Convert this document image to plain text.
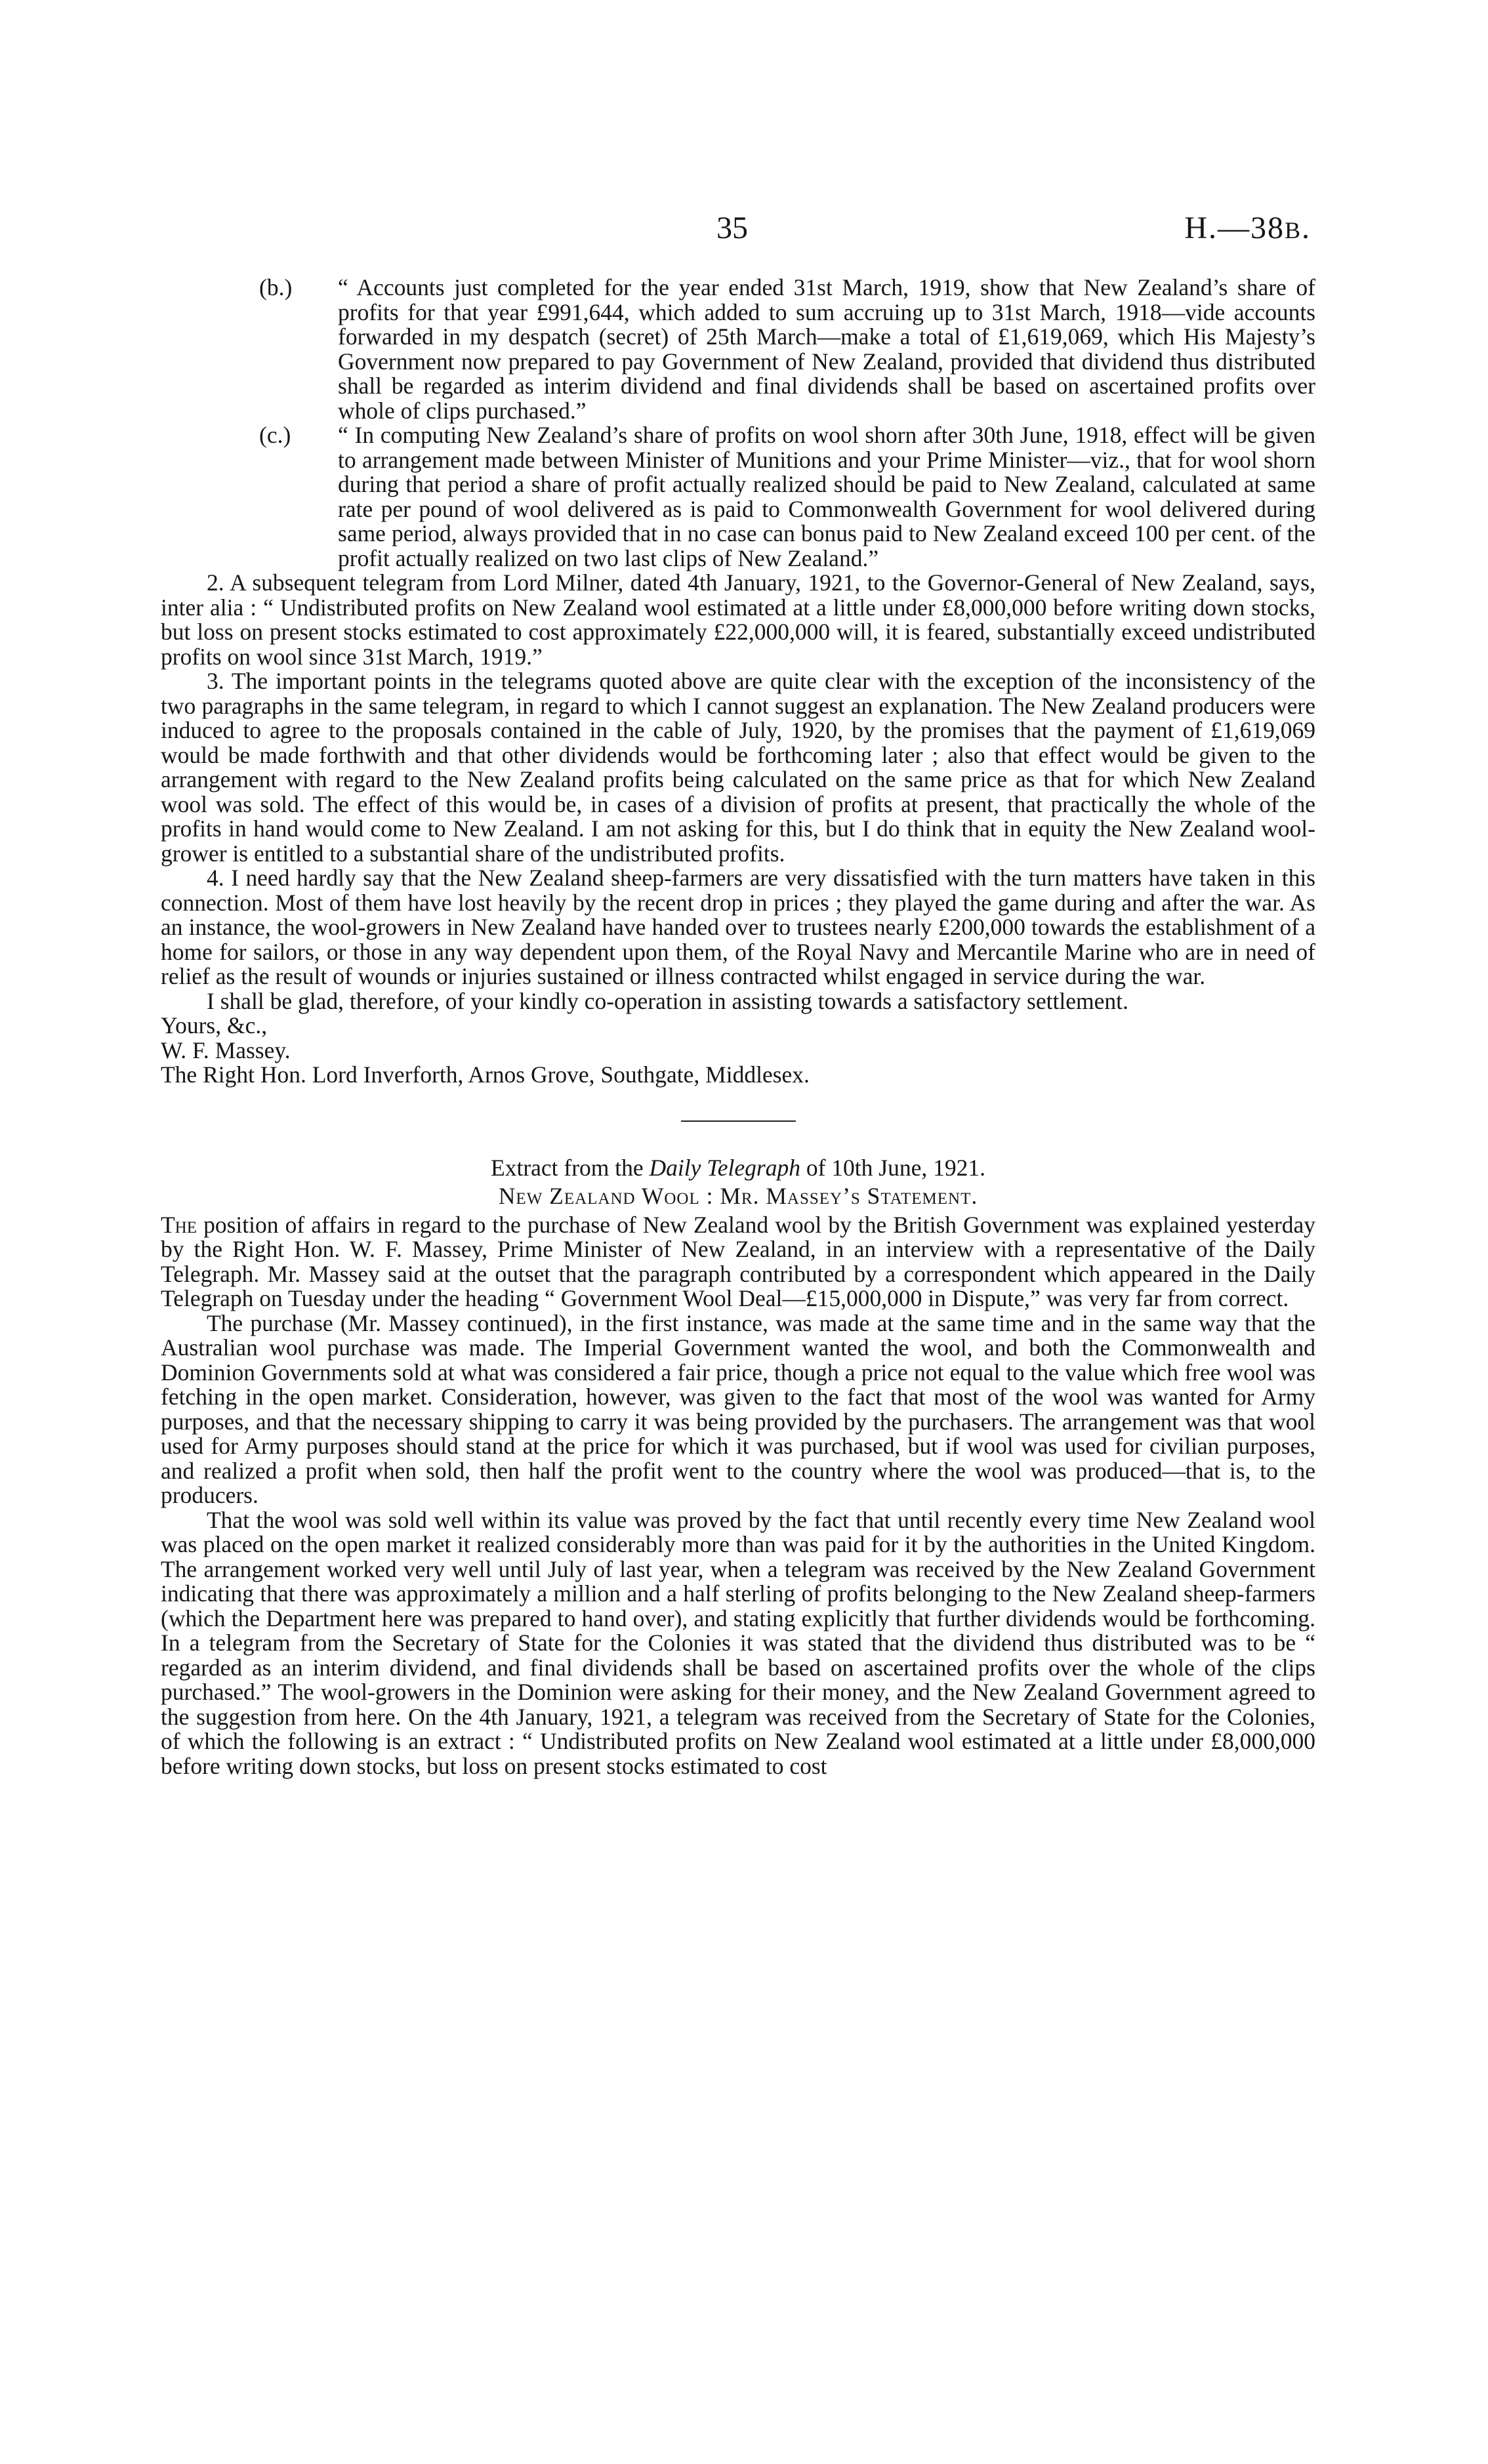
35	H.—38B.

(b.) “ Accounts just completed for the year ended 31st March, 1919, show that New Zealand’s share of profits for that year £991,644, which added to sum accruing up to 31st March, 1918—vide accounts forwarded in my despatch (secret) of 25th March—make a total of £1,619,069, which His Majesty’s Government now prepared to pay Government of New Zealand, provided that dividend thus distributed shall be regarded as interim dividend and final dividends shall be based on ascertained profits over whole of clips purchased.”

(c.) “ In computing New Zealand’s share of profits on wool shorn after 30th June, 1918, effect will be given to arrangement made between Minister of Munitions and your Prime Minister—viz., that for wool shorn during that period a share of profit actually realized should be paid to New Zealand, calculated at same rate per pound of wool delivered as is paid to Commonwealth Government for wool delivered during same period, always provided that in no case can bonus paid to New Zealand exceed 100 per cent. of the profit actually realized on two last clips of New Zealand.”

2. A subsequent telegram from Lord Milner, dated 4th January, 1921, to the Governor-General of New Zealand, says, inter alia : “ Undistributed profits on New Zealand wool estimated at a little under £8,000,000 before writing down stocks, but loss on present stocks estimated to cost approximately £22,000,000 will, it is feared, substantially exceed undistributed profits on wool since 31st March, 1919.”

3. The important points in the telegrams quoted above are quite clear with the exception of the inconsistency of the two paragraphs in the same telegram, in regard to which I cannot suggest an explanation. The New Zealand producers were induced to agree to the proposals contained in the cable of July, 1920, by the promises that the payment of £1,619,069 would be made forthwith and that other dividends would be forthcoming later ; also that effect would be given to the arrangement with regard to the New Zealand profits being calculated on the same price as that for which New Zealand wool was sold. The effect of this would be, in cases of a division of profits at present, that practically the whole of the profits in hand would come to New Zealand. I am not asking for this, but I do think that in equity the New Zealand wool-grower is entitled to a substantial share of the undistributed profits.

4. I need hardly say that the New Zealand sheep-farmers are very dissatisfied with the turn matters have taken in this connection. Most of them have lost heavily by the recent drop in prices ; they played the game during and after the war. As an instance, the wool-growers in New Zealand have handed over to trustees nearly £200,000 towards the establishment of a home for sailors, or those in any way dependent upon them, of the Royal Navy and Mercantile Marine who are in need of relief as the result of wounds or injuries sustained or illness contracted whilst engaged in service during the war.

I shall be glad, therefore, of your kindly co-operation in assisting towards a satisfactory settlement.

Yours, &c.,

W. F. Massey.

The Right Hon. Lord Inverforth, Arnos Grove, Southgate, Middlesex.

Extract from the Daily Telegraph of 10th June, 1921.

New Zealand Wool : Mr. Massey’s Statement.

The position of affairs in regard to the purchase of New Zealand wool by the British Government was explained yesterday by the Right Hon. W. F. Massey, Prime Minister of New Zealand, in an interview with a representative of the Daily Telegraph. Mr. Massey said at the outset that the paragraph contributed by a correspondent which appeared in the Daily Telegraph on Tuesday under the heading “ Government Wool Deal—£15,000,000 in Dispute,” was very far from correct.

The purchase (Mr. Massey continued), in the first instance, was made at the same time and in the same way that the Australian wool purchase was made. The Imperial Government wanted the wool, and both the Commonwealth and Dominion Governments sold at what was considered a fair price, though a price not equal to the value which free wool was fetching in the open market. Consideration, however, was given to the fact that most of the wool was wanted for Army purposes, and that the necessary shipping to carry it was being provided by the purchasers. The arrangement was that wool used for Army purposes should stand at the price for which it was purchased, but if wool was used for civilian purposes, and realized a profit when sold, then half the profit went to the country where the wool was produced—that is, to the producers.

That the wool was sold well within its value was proved by the fact that until recently every time New Zealand wool was placed on the open market it realized considerably more than was paid for it by the authorities in the United Kingdom. The arrangement worked very well until July of last year, when a telegram was received by the New Zealand Government indicating that there was approximately a million and a half sterling of profits belonging to the New Zealand sheep-farmers (which the Department here was prepared to hand over), and stating explicitly that further dividends would be forthcoming. In a telegram from the Secretary of State for the Colonies it was stated that the dividend thus distributed was to be “ regarded as an interim dividend, and final dividends shall be based on ascertained profits over the whole of the clips purchased.” The wool-growers in the Dominion were asking for their money, and the New Zealand Government agreed to the suggestion from here. On the 4th January, 1921, a telegram was received from the Secretary of State for the Colonies, of which the following is an extract : “ Undistributed profits on New Zealand wool estimated at a little under £8,000,000 before writing down stocks, but loss on present stocks estimated to cost
